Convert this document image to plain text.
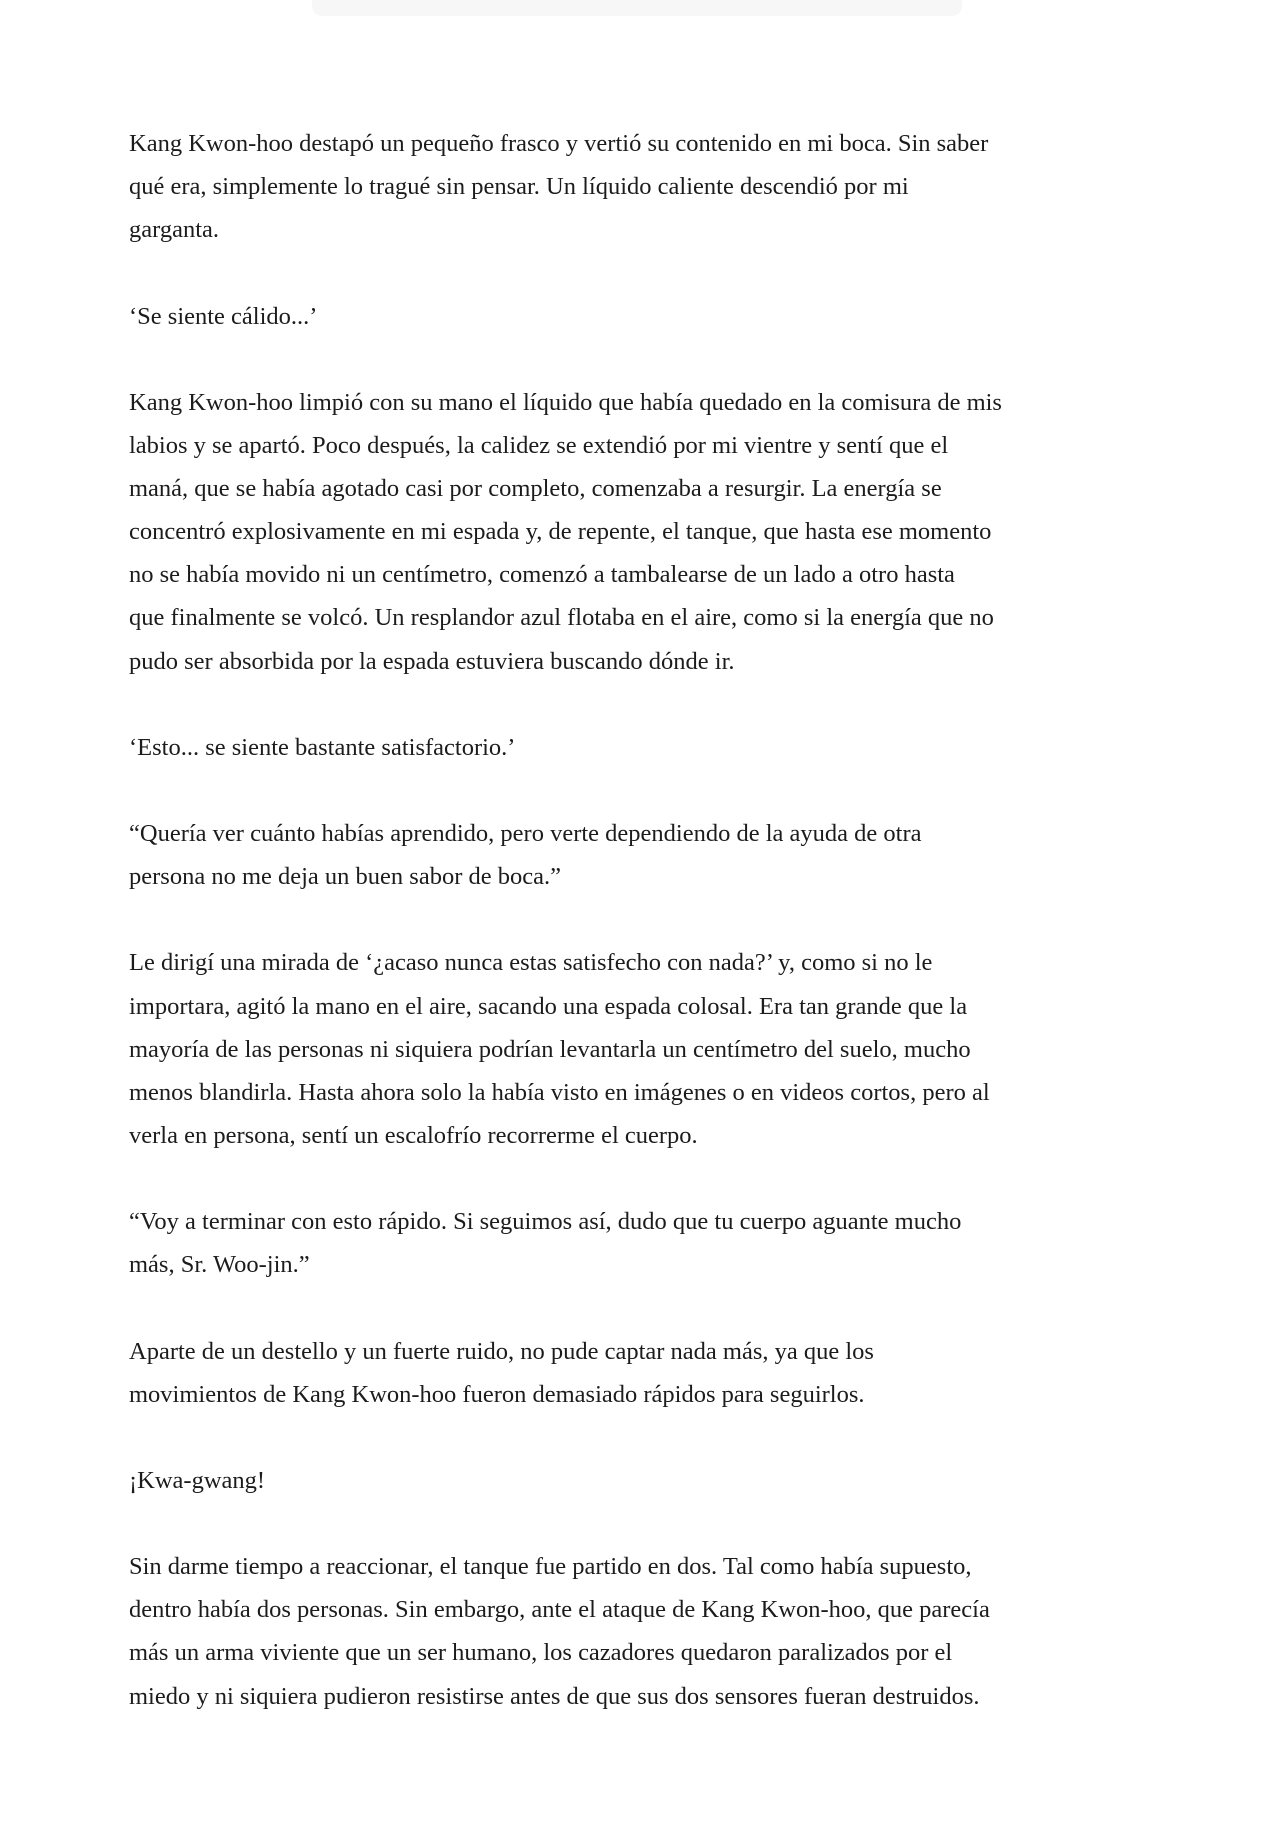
Kang Kwon-hoo destapó un pequeño frasco y vertió su contenido en mi boca. Sin saber
qué era, simplemente lo tragué sin pensar. Un líquido caliente descendió por mi
garganta.

‘Se siente cálido...’

Kang Kwon-hoo limpió con su mano el líquido que había quedado en la comisura de mis
labios y se apartó. Poco después, la calidez se extendió por mi vientre y sentí que el
maná, que se había agotado casi por completo, comenzaba a resurgir. La energía se
concentró explosivamente en mi espada y, de repente, el tanque, que hasta ese momento
no se había movido ni un centímetro, comenzó a tambalearse de un lado a otro hasta
que finalmente se volcó. Un resplandor azul flotaba en el aire, como si la energía que no
pudo ser absorbida por la espada estuviera buscando dónde ir.

‘Esto... se siente bastante satisfactorio.’

“Quería ver cuánto habías aprendido, pero verte dependiendo de la ayuda de otra
persona no me deja un buen sabor de boca.”

Le dirigí una mirada de ‘¿acaso nunca estas satisfecho con nada?’ y, como si no le
importara, agitó la mano en el aire, sacando una espada colosal. Era tan grande que la
mayoría de las personas ni siquiera podrían levantarla un centímetro del suelo, mucho
menos blandirla. Hasta ahora solo la había visto en imágenes o en videos cortos, pero al
verla en persona, sentí un escalofrío recorrerme el cuerpo.

“Voy a terminar con esto rápido. Si seguimos así, dudo que tu cuerpo aguante mucho
más, Sr. Woo-jin.”

Aparte de un destello y un fuerte ruido, no pude captar nada más, ya que los
movimientos de Kang Kwon-hoo fueron demasiado rápidos para seguirlos.

¡Kwa-gwang!

Sin darme tiempo a reaccionar, el tanque fue partido en dos. Tal como había supuesto,
dentro había dos personas. Sin embargo, ante el ataque de Kang Kwon-hoo, que parecía
más un arma viviente que un ser humano, los cazadores quedaron paralizados por el
miedo y ni siquiera pudieron resistirse antes de que sus dos sensores fueran destruidos.
